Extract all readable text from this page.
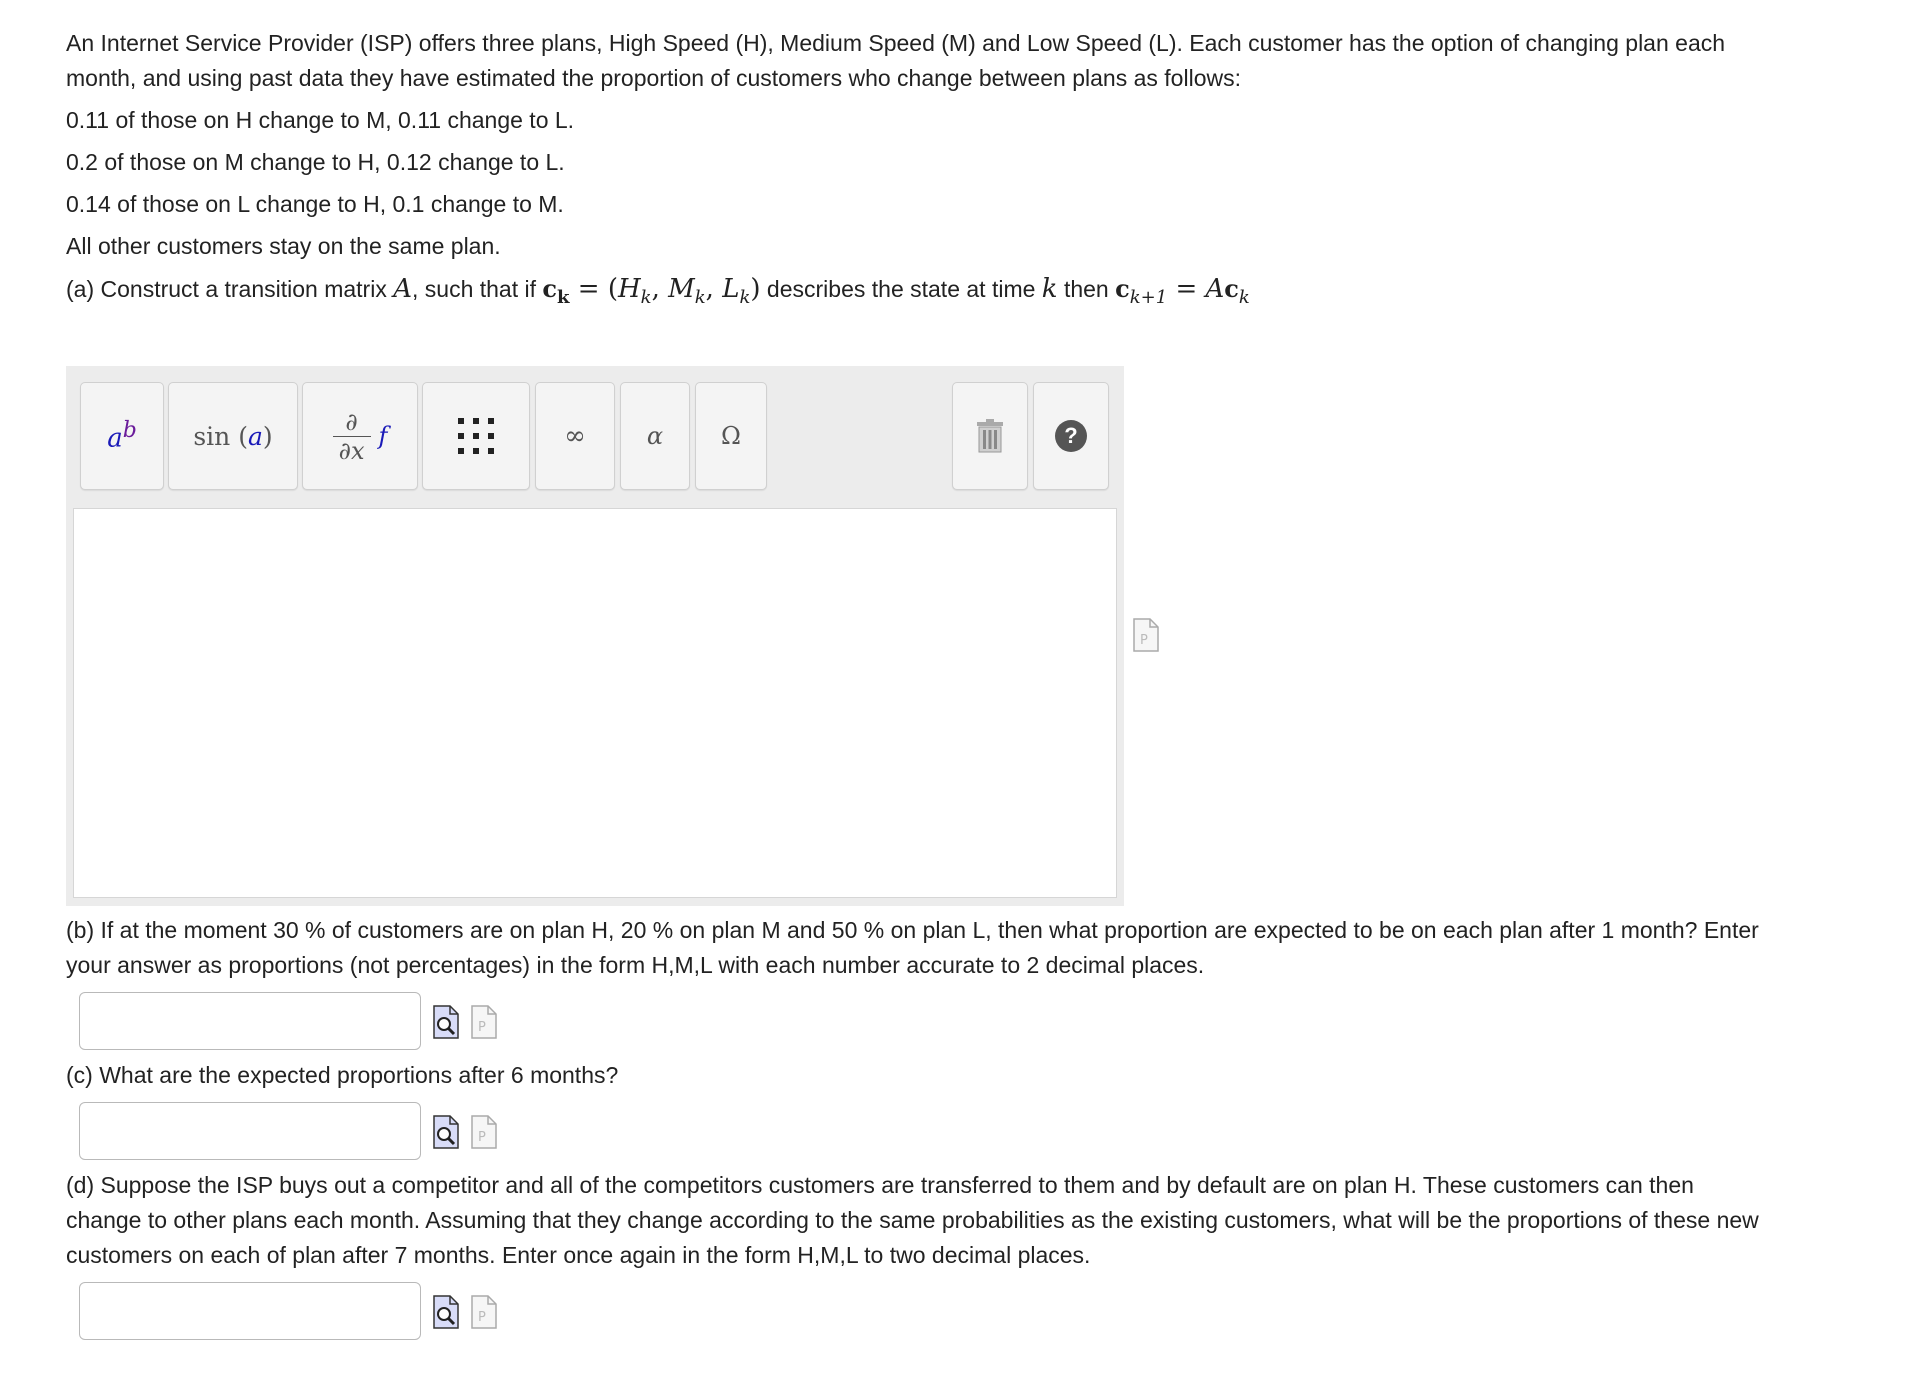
An Internet Service Provider (ISP) offers three plans, High Speed (H), Medium Speed (M) and Low Speed (L). Each customer has the option of changing plan each month, and using past data they have estimated the proportion of customers who change between plans as follows:

0.11 of those on H change to M, 0.11 change to L.

0.2 of those on M change to H, 0.12 change to L.

0.14 of those on L change to H, 0.1 change to M.

All other customers stay on the same plan.

(a) Construct a transition matrix A, such that if $c_k = (H_k$, $M_k$, $L_k$) describes the state at time k then $c_{k+1} = Ac_k$

$a^b$ sin (a)	∂
∂x
f	∞	α Ω	?
P
(b) If at the moment 30 % of customers are on plan H, 20 % on plan M and 50 % on plan L, then what proportion are expected to be on each plan after 1 month? Enter your answer as proportions (not percentages) in the form H,M,L with each number accurate to 2 decimal places.
P
(c) What are the expected proportions after 6 months?
P
(d) Suppose the ISP buys out a competitor and all of the competitors customers are transferred to them and by default are on plan H. These customers can then change to other plans each month. Assuming that they change according to the same probabilities as the existing customers, what will be the proportions of these new customers on each of plan after 7 months. Enter once again in the form H,M,L to two decimal places.
P
